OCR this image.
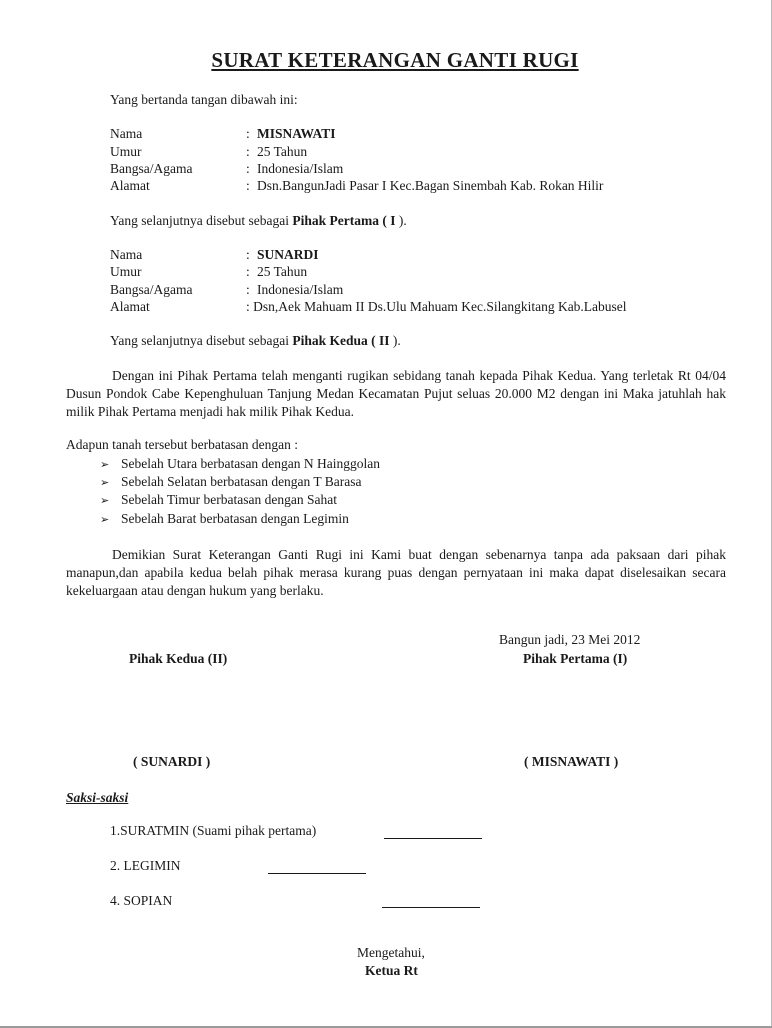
SURAT KETERANGAN GANTI RUGI
Yang bertanda tangan dibawah ini:
Nama	: MISNAWATI
Umur	: 25 Tahun
Bangsa/Agama	: Indonesia/Islam
Alamat	: Dsn.BangunJadi Pasar I Kec.Bagan Sinembah Kab. Rokan Hilir
Yang selanjutnya disebut sebagai Pihak Pertama ( I ).
Nama	: SUNARDI
Umur	: 25 Tahun
Bangsa/Agama	: Indonesia/Islam
Alamat	: Dsn,Aek Mahuam II Ds.Ulu Mahuam Kec.Silangkitang Kab.Labusel
Yang selanjutnya disebut sebagai Pihak Kedua ( II ).
Dengan ini Pihak Pertama telah menganti rugikan sebidang tanah kepada Pihak Kedua. Yang terletak Rt 04/04 Dusun Pondok Cabe Kepenghuluan Tanjung Medan Kecamatan Pujut seluas 20.000 M2 dengan ini Maka jatuhlah hak milik Pihak Pertama menjadi hak milik Pihak Kedua.
Adapun tanah tersebut berbatasan dengan :
➢ Sebelah Utara berbatasan dengan N Hainggolan
➢ Sebelah Selatan berbatasan dengan T Barasa
➢ Sebelah Timur berbatasan dengan Sahat
➢ Sebelah Barat berbatasan dengan Legimin
Demikian Surat Keterangan Ganti Rugi ini Kami buat dengan sebenarnya tanpa ada paksaan dari pihak manapun,dan apabila kedua belah pihak merasa kurang puas dengan pernyataan ini maka dapat diselesaikan secara kekeluargaan atau dengan hukum yang berlaku.
Bangun jadi, 23 Mei 2012
Pihak Kedua (II)	Pihak Pertama (I)
( SUNARDI )	( MISNAWATI )
Saksi-saksi
1.SURATMIN (Suami pihak pertama)
2. LEGIMIN
4. SOPIAN
Mengetahui,
Ketua Rt
